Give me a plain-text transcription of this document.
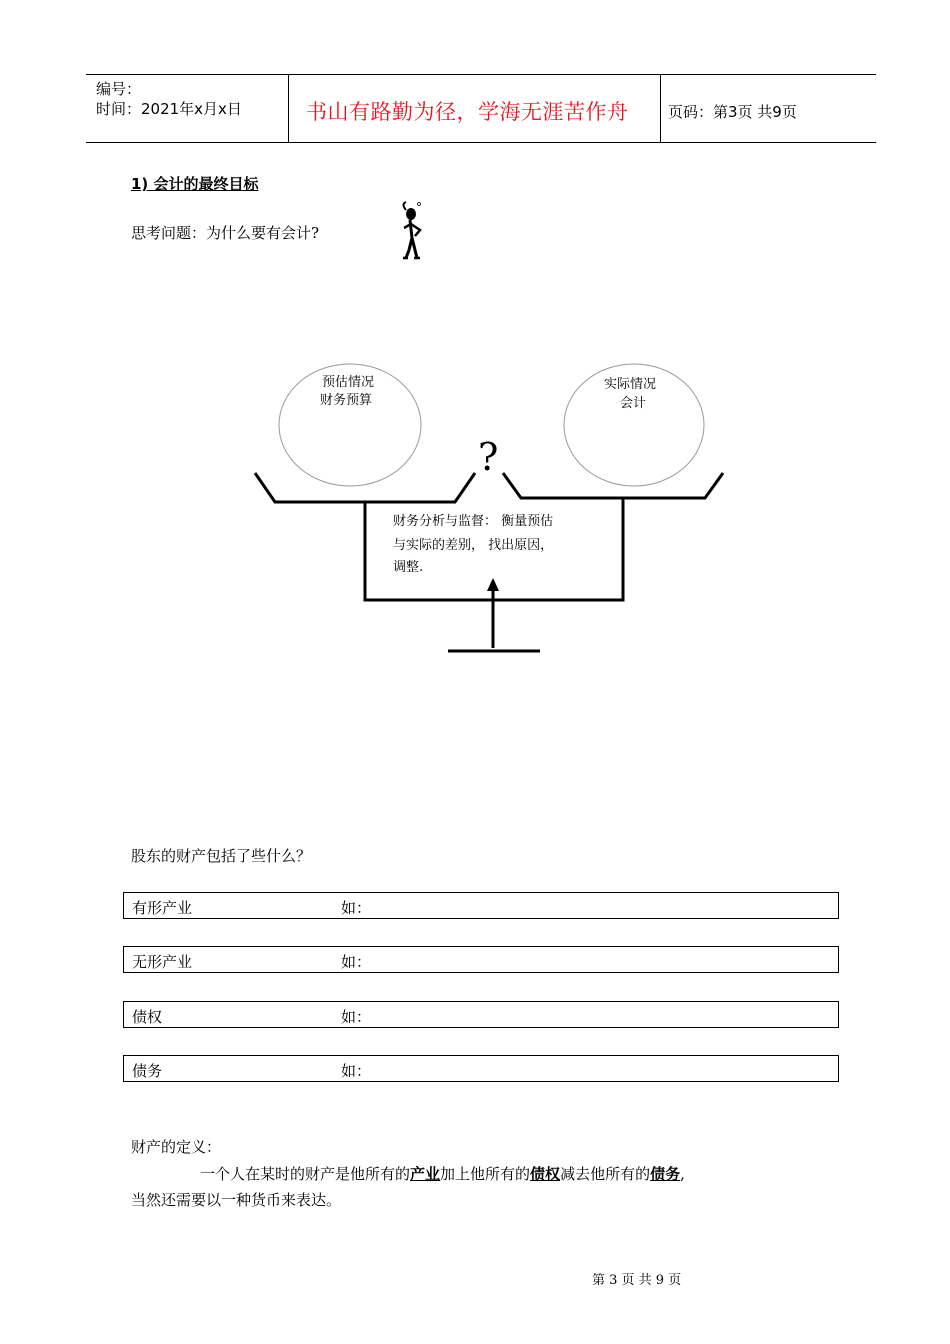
编号：
时间：2021年x月x日	书山有路勤为径，学海无涯苦作舟	页码：第3页 共9页
1) 会计的最终目标
思考问题：为什么要有会计?
预估情况
财务预算
实际情况
会计
?
财务分析与监督： 衡量预估
与实际的差别， 找出原因，
调整.
股东的财产包括了些什么？
有形产业	如：
无形产业	如：
债权	如：
债务	如：
财产的定义：
一个人在某时的财产是他所有的产业加上他所有的债权减去他所有的债务,
当然还需要以一种货币来表达。
第 3 页 共 9 页
